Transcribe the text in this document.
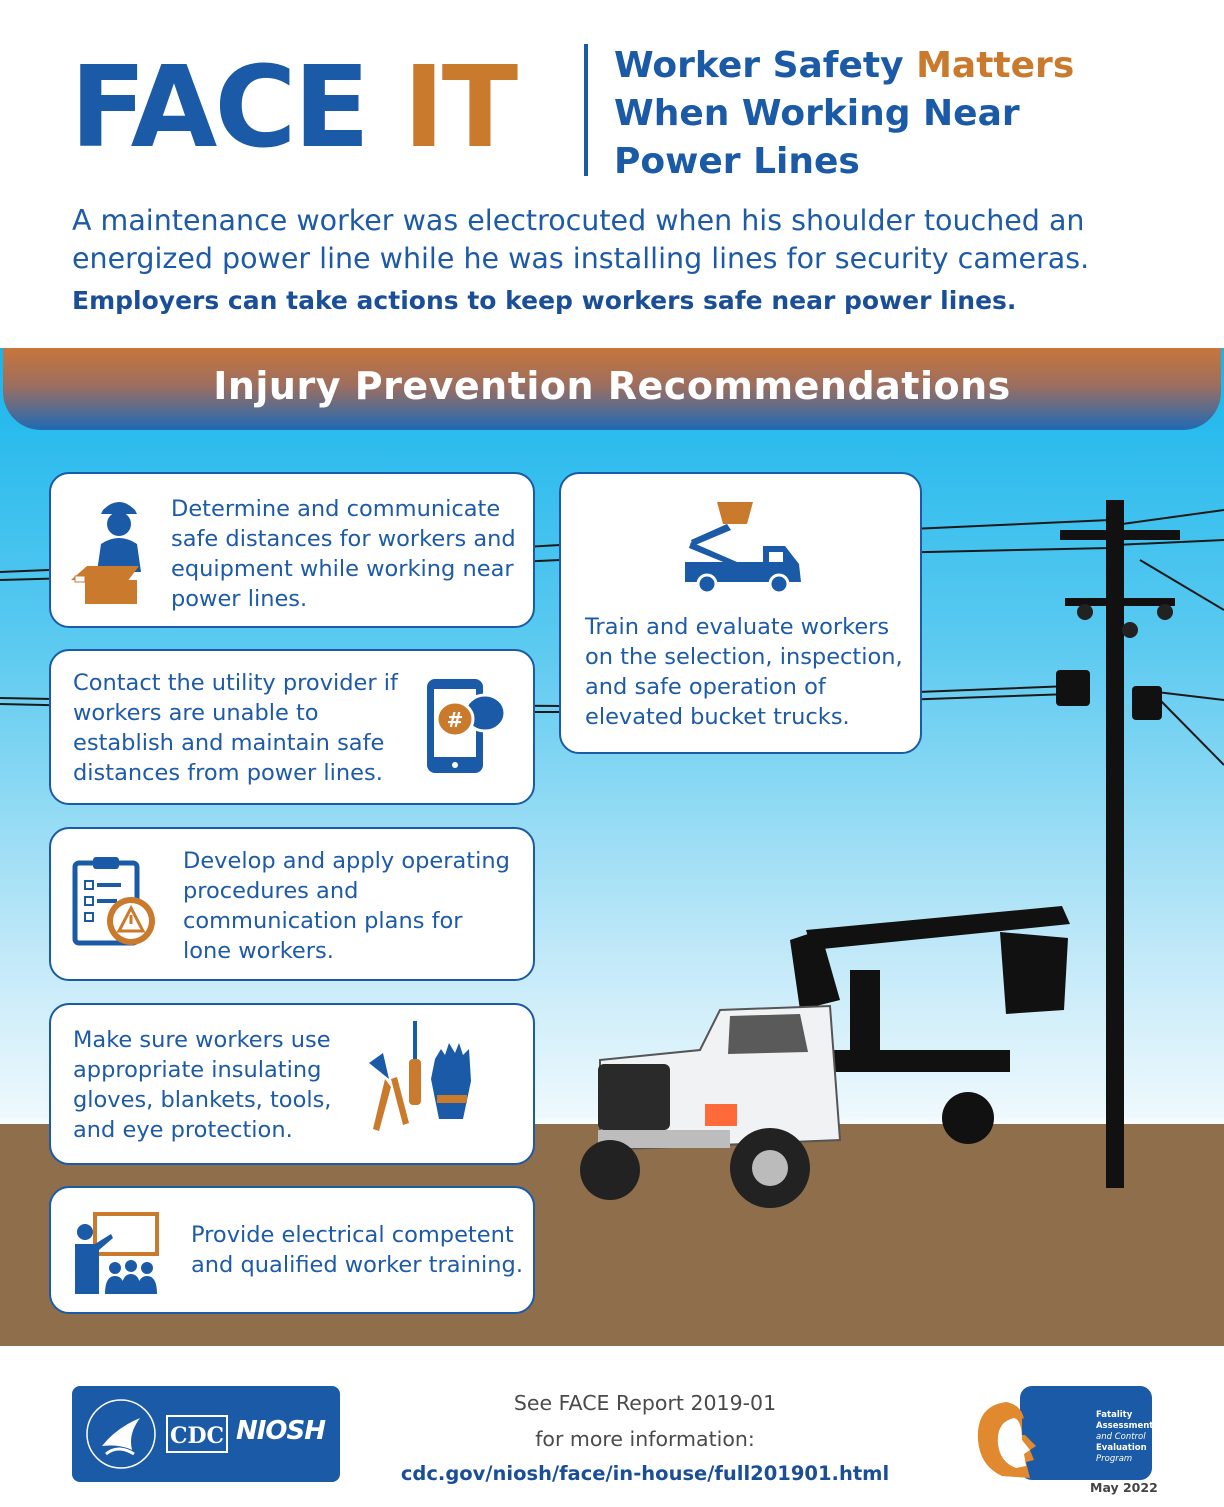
FACE IT	Worker Safety Matters
When Working Near
Power Lines
A maintenance worker was electrocuted when his shoulder touched an energized power line while he was installing lines for security cameras.
Employers can take actions to keep workers safe near power lines.
Injury Prevention Recommendations
Determine and communicate safe distances for workers and equipment while working near power lines.
Contact the utility provider if workers are unable to establish and maintain safe distances from power lines.
#
Develop and apply operating procedures and communication plans for lone workers.
Make sure workers use appropriate insulating gloves, blankets, tools, and eye protection.
Provide electrical competent and qualified worker training.
Train and evaluate workers on the selection, inspection, and safe operation of elevated bucket trucks.
CDC NIOSH
See FACE Report 2019-01
for more information:
cdc.gov/niosh/face/in-house/full201901.html
FACE
Fatality
Assessment
and Control
Evaluation
Program
May 2022
